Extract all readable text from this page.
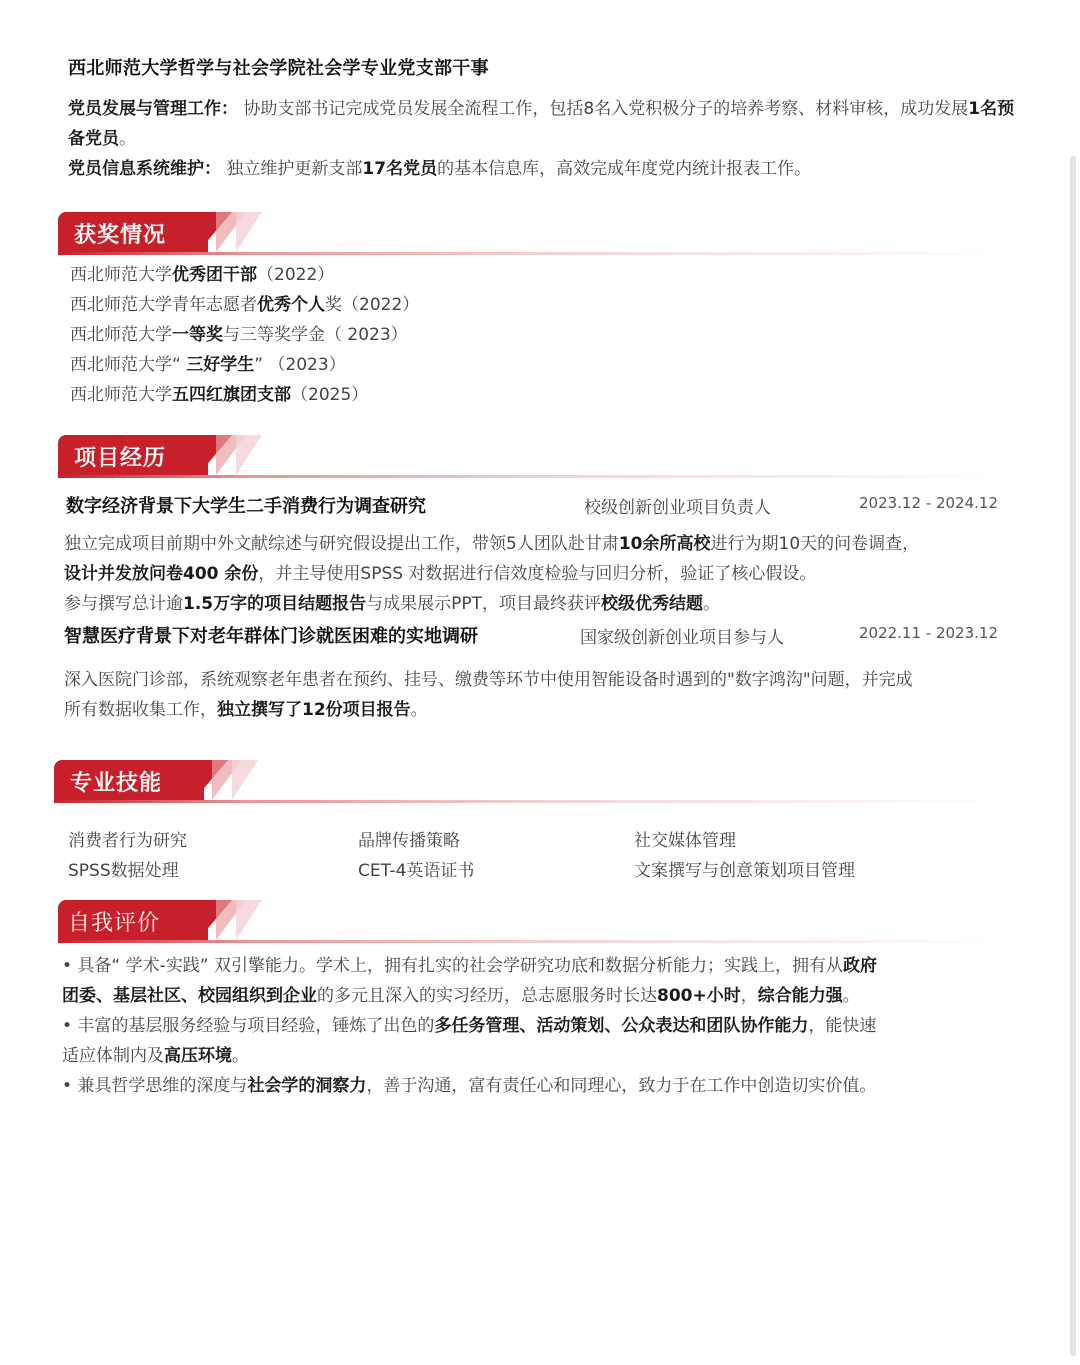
西北师范大学哲学与社会学院社会学专业党支部干事
党员发展与管理工作： 协助支部书记完成党员发展全流程工作，包括8名入党积极分子的培养考察、材料审核，成功发展1名预备党员。
党员信息系统维护： 独立维护更新支部17名党员的基本信息库，高效完成年度党内统计报表工作。
获奖情况
西北师范大学优秀团干部（2022）
西北师范大学青年志愿者优秀个人奖（2022）
西北师范大学一等奖与三等奖学金（ 2023）
西北师范大学“ 三好学生” （2023）
西北师范大学五四红旗团支部（2025）
项目经历
数字经济背景下大学生二手消费行为调查研究	校级创新创业项目负责人	2023.12 - 2024.12
独立完成项目前期中外文献综述与研究假设提出工作，带领5人团队赴甘肃10余所高校进行为期10天的问卷调查，
设计并发放问卷400 余份，并主导使用SPSS 对数据进行信效度检验与回归分析，验证了核心假设。
参与撰写总计逾1.5万字的项目结题报告与成果展示PPT，项目最终获评校级优秀结题。
智慧医疗背景下对老年群体门诊就医困难的实地调研	国家级创新创业项目参与人	2022.11 - 2023.12
深入医院门诊部，系统观察老年患者在预约、挂号、缴费等环节中使用智能设备时遇到的"数字鸿沟"问题，并完成
所有数据收集工作，独立撰写了12份项目报告。
专业技能
消费者行为研究	品牌传播策略	社交媒体管理
SPSS数据处理	CET-4英语证书	文案撰写与创意策划项目管理
自我评价
• 具备“ 学术-实践” 双引擎能力。学术上，拥有扎实的社会学研究功底和数据分析能力；实践上，拥有从政府
团委、基层社区、校园组织到企业的多元且深入的实习经历，总志愿服务时长达800+小时，综合能力强。
• 丰富的基层服务经验与项目经验，锤炼了出色的多任务管理、活动策划、公众表达和团队协作能力，能快速
适应体制内及高压环境。
• 兼具哲学思维的深度与社会学的洞察力，善于沟通，富有责任心和同理心，致力于在工作中创造切实价值。
